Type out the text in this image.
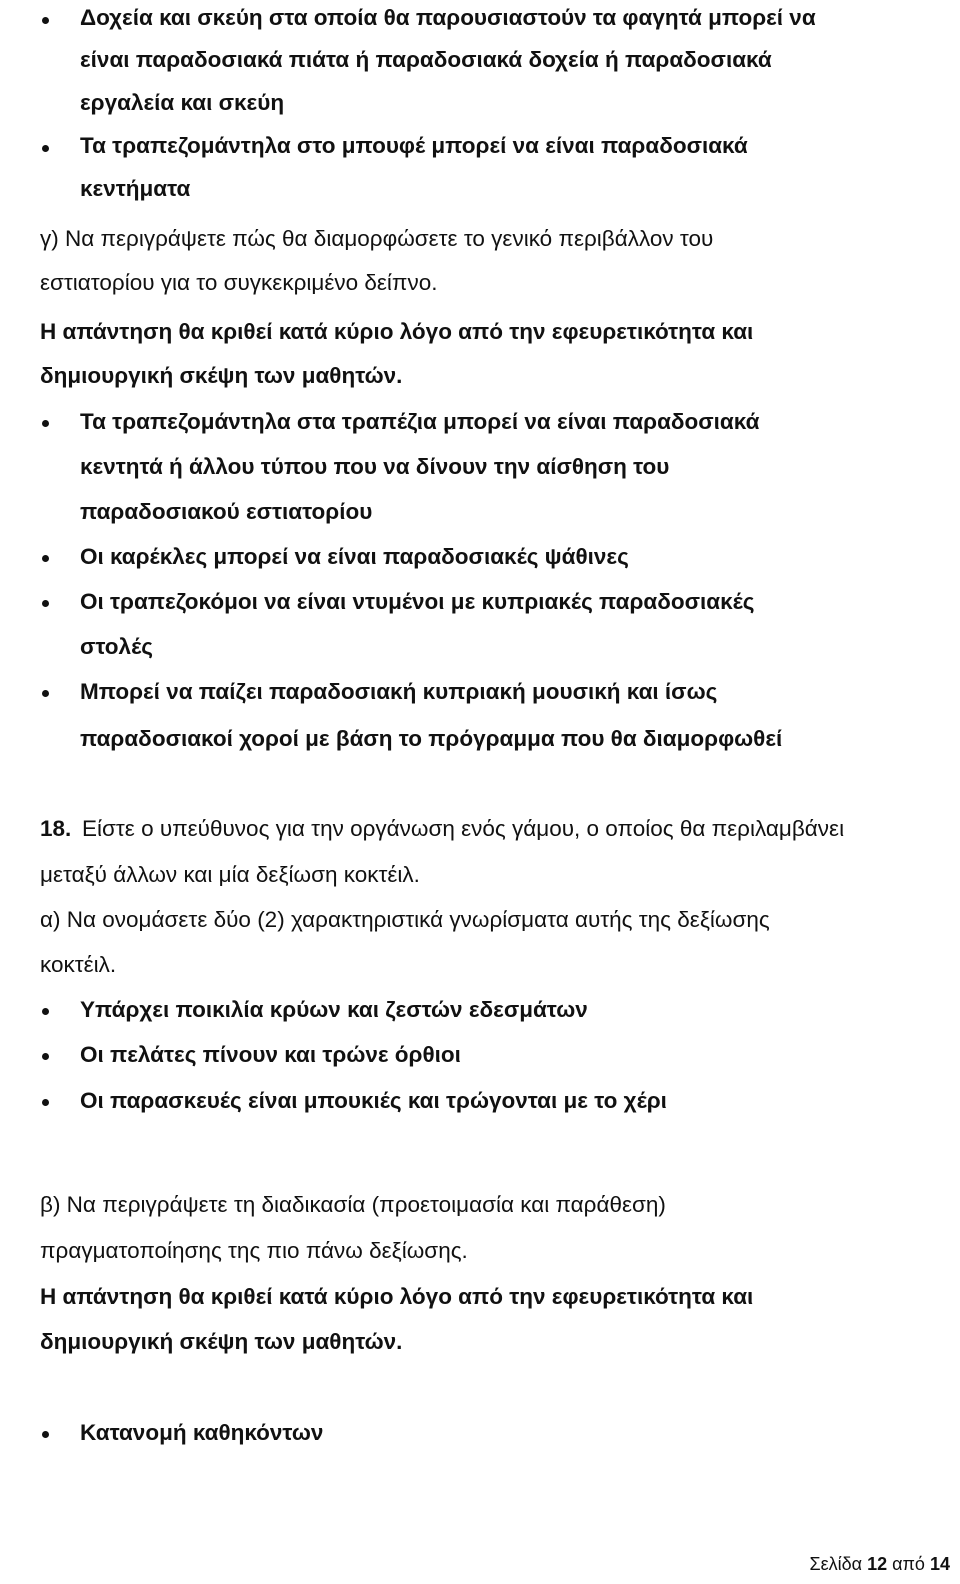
Δοχεία και σκεύη στα οποία θα παρουσιαστούν τα φαγητά μπορεί να
είναι παραδοσιακά πιάτα ή παραδοσιακά δοχεία ή παραδοσιακά
εργαλεία και σκεύη
Τα τραπεζομάντηλα στο μπουφέ μπορεί να είναι παραδοσιακά
κεντήματα
γ) Να περιγράψετε πώς θα διαμορφώσετε το γενικό περιβάλλον του
εστιατορίου για το συγκεκριμένο δείπνο.
Η απάντηση θα κριθεί κατά κύριο λόγο από την εφευρετικότητα και
δημιουργική σκέψη των μαθητών.
Τα τραπεζομάντηλα στα τραπέζια μπορεί να είναι παραδοσιακά
κεντητά ή άλλου τύπου που να δίνουν την αίσθηση του
παραδοσιακού εστιατορίου
Οι καρέκλες μπορεί να είναι παραδοσιακές ψάθινες
Οι τραπεζοκόμοι να είναι ντυμένοι με κυπριακές παραδοσιακές
στολές
Μπορεί να παίζει παραδοσιακή κυπριακή μουσική και ίσως
παραδοσιακοί χοροί με βάση το πρόγραμμα που θα διαμορφωθεί
18. Είστε ο υπεύθυνος για την οργάνωση ενός γάμου, ο οποίος θα περιλαμβάνει
μεταξύ άλλων και μία δεξίωση κοκτέιλ.
α) Να ονομάσετε δύο (2) χαρακτηριστικά γνωρίσματα αυτής της δεξίωσης
κοκτέιλ.
Υπάρχει ποικιλία κρύων και ζεστών εδεσμάτων
Οι πελάτες πίνουν και τρώνε όρθιοι
Οι παρασκευές είναι μπουκιές και τρώγονται με το χέρι
β) Να περιγράψετε τη διαδικασία (προετοιμασία και παράθεση)
πραγματοποίησης της πιο πάνω δεξίωσης.
Η απάντηση θα κριθεί κατά κύριο λόγο από την εφευρετικότητα και
δημιουργική σκέψη των μαθητών.
Κατανομή καθηκόντων
Σελίδα 12 από 14
